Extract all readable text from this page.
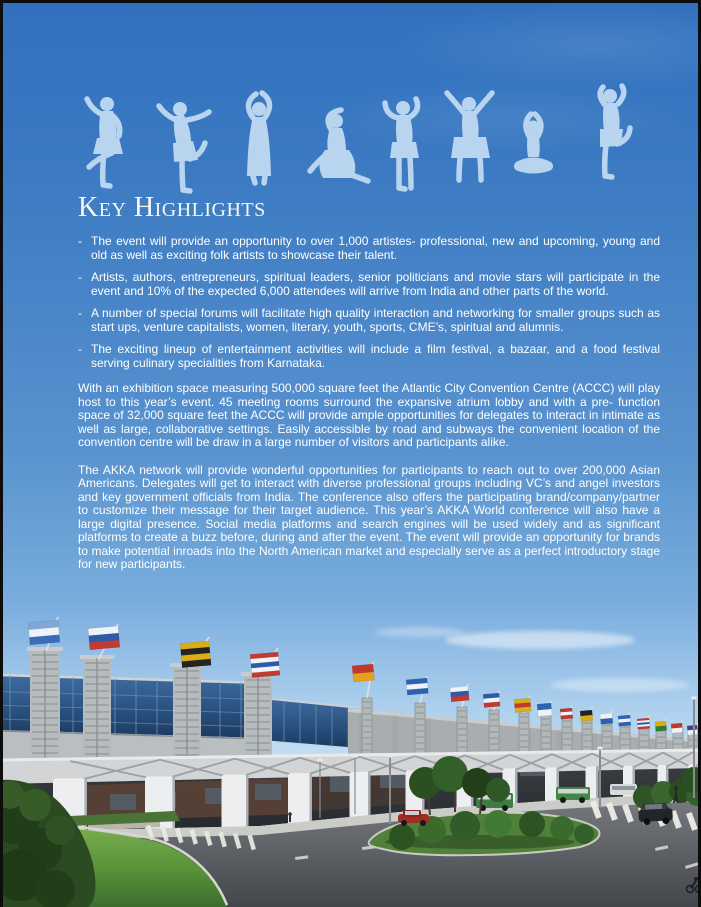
Key Highlights
- The event will provide an opportunity to over 1,000 artistes- professional, new and upcoming, young and old as well as exciting folk artists to showcase their talent.
- Artists, authors, entrepreneurs, spiritual leaders, senior politicians and movie stars will participate in the event and 10% of the expected 6,000 attendees will arrive from India and other parts of the world.
- A number of special forums will facilitate high quality interaction and networking for smaller groups such as start ups, venture capitalists, women, literary, youth, sports, CME’s, spiritual and alumnis.
- The exciting lineup of entertainment activities will include a film festival, a bazaar, and a food festival serving culinary specialities from Karnataka.

With an exhibition space measuring 500,000 square feet the Atlantic City Convention Centre (ACCC) will play host to this year’s event. 45 meeting rooms surround the expansive atrium lobby and with a pre- function space of 32,000 square feet the ACCC will provide ample opportunities for delegates to interact in intimate as well as large, collaborative settings. Easily accessible by road and subways the convenient location of the convention centre will be draw in a large number of visitors and participants alike.

The AKKA network will provide wonderful opportunities for participants to reach out to over 200,000 Asian Americans. Delegates will get to interact with diverse professional groups including VC’s and angel investors and key government officials from India. The conference also offers the participating brand/company/partner to customize their message for their target audience. This year’s AKKA World conference will also have a large digital presence. Social media platforms and search engines will be used widely and as significant platforms to create a buzz before, during and after the event. The event will provide an opportunity for brands to make potential inroads into the North American market and especially serve as a perfect introductory stage for new participants.
